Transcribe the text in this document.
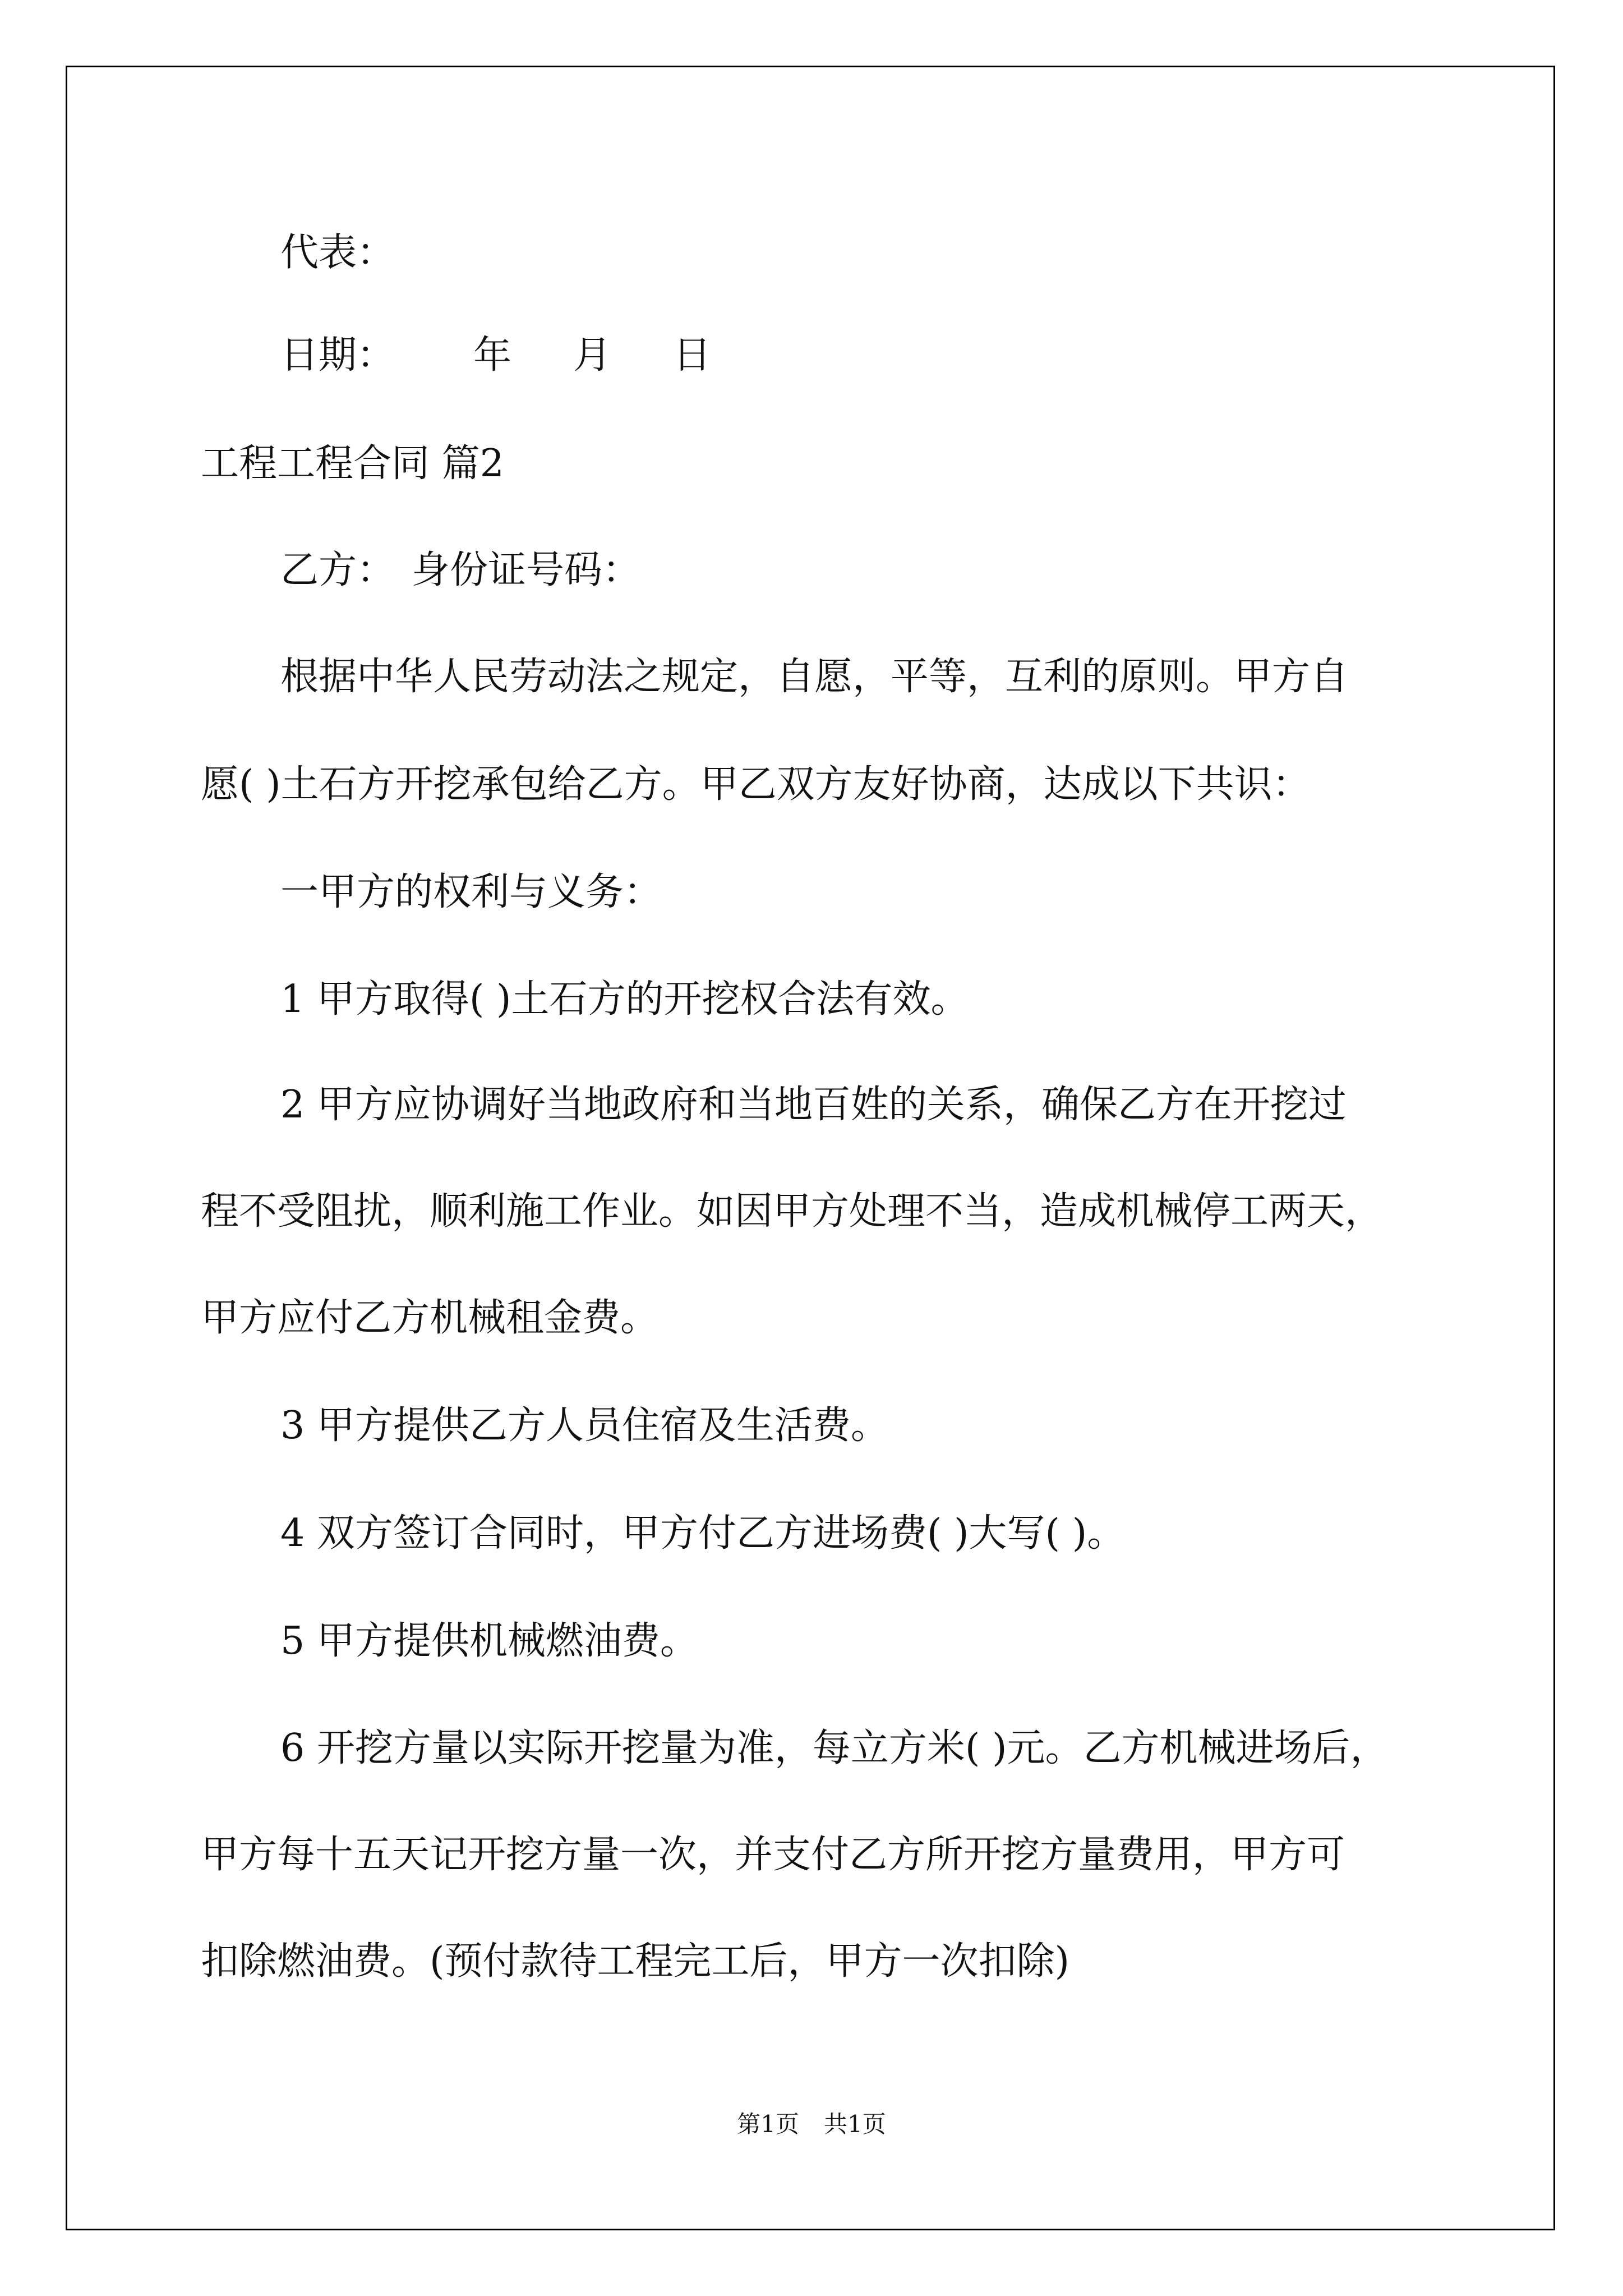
代表：
日期： 年 月 日
工程工程合同 篇2
乙方： 身份证号码：
根据中华人民劳动法之规定，自愿，平等，互利的原则。甲方自
愿( )土石方开挖承包给乙方。甲乙双方友好协商，达成以下共识：
一甲方的权利与义务：
1 甲方取得( )土石方的开挖权合法有效。
2 甲方应协调好当地政府和当地百姓的关系，确保乙方在开挖过
程不受阻扰，顺利施工作业。如因甲方处理不当，造成机械停工两天，
甲方应付乙方机械租金费。
3 甲方提供乙方人员住宿及生活费。
4 双方签订合同时，甲方付乙方进场费( )大写( )。
5 甲方提供机械燃油费。
6 开挖方量以实际开挖量为准，每立方米( )元。乙方机械进场后，
甲方每十五天记开挖方量一次，并支付乙方所开挖方量费用，甲方可
扣除燃油费。(预付款待工程完工后，甲方一次扣除)
第1页 共1页
